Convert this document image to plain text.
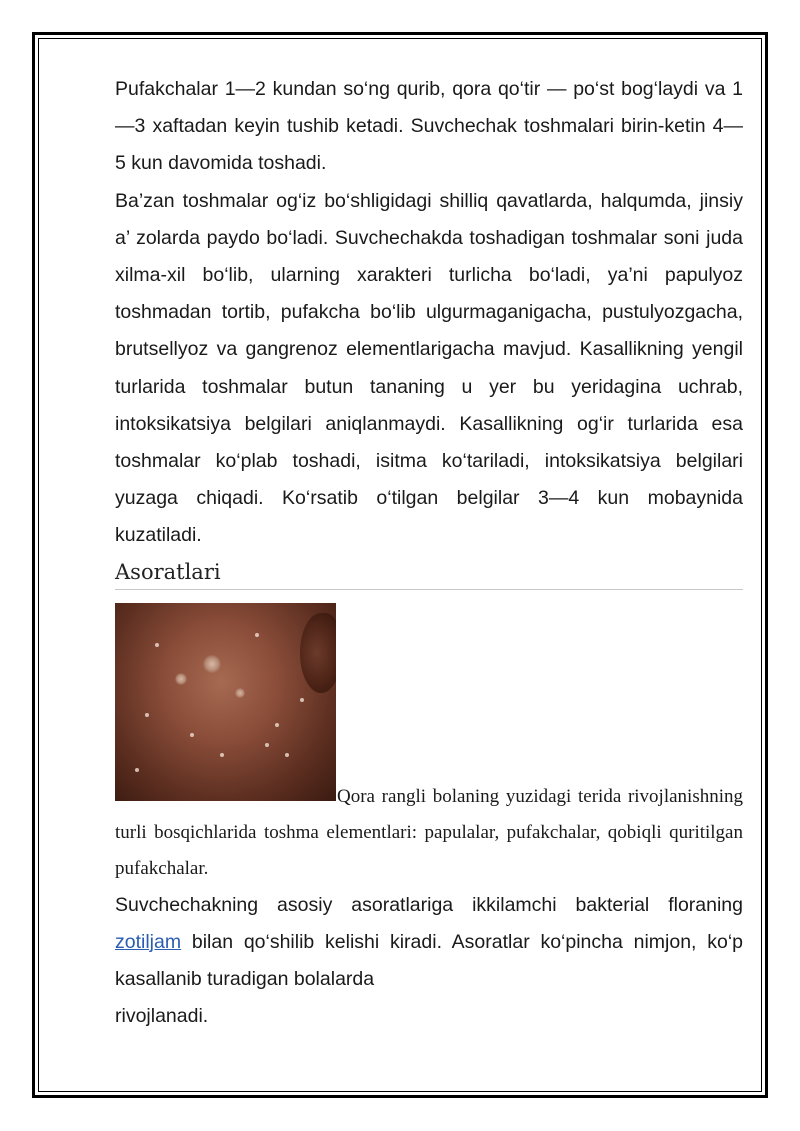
Pufakchalar 1—2 kundan so‘ng qurib, qora qo‘tir — po‘st bog‘laydi va 1—3 xaftadan keyin tushib ketadi. Suvchechak toshmalari birin-ketin 4— 5 kun davomida toshadi.

Ba’zan toshmalar og‘iz bo‘shligidagi shilliq qavatlarda, halqumda, jinsiy a’ zolarda paydo bo‘ladi. Suvchechakda toshadigan toshmalar soni juda xilma-xil bo‘lib, ularning xarakteri turlicha bo‘ladi, ya’ni papulyoz toshmadan tortib, pufakcha bo‘lib ulgurmaganigacha, pustulyozgacha, brutsellyoz va gangrenoz elementlarigacha mavjud. Kasallikning yengil turlarida toshmalar butun tananing u yer bu yeridagina uchrab, intoksikatsiya belgilari aniqlanmaydi. Kasallikning og‘ir turlarida esa toshmalar ko‘plab toshadi, isitma ko‘tariladi, intoksikatsiya belgilari yuzaga chiqadi. Ko‘rsatib o‘tilgan belgilar 3—4 kun mobaynida kuzatiladi.

Asoratlari

Qora rangli bolaning yuzidagi terida rivojlanishning turli bosqichlarida toshma elementlari: papulalar, pufakchalar, qobiqli quritilgan pufakchalar.

Suvchechakning asosiy asoratlariga ikkilamchi bakterial floraning zotiljam bilan qo‘shilib kelishi kiradi. Asoratlar ko‘pincha nimjon, ko‘p kasallanib turadigan bolalarda

rivojlanadi.
